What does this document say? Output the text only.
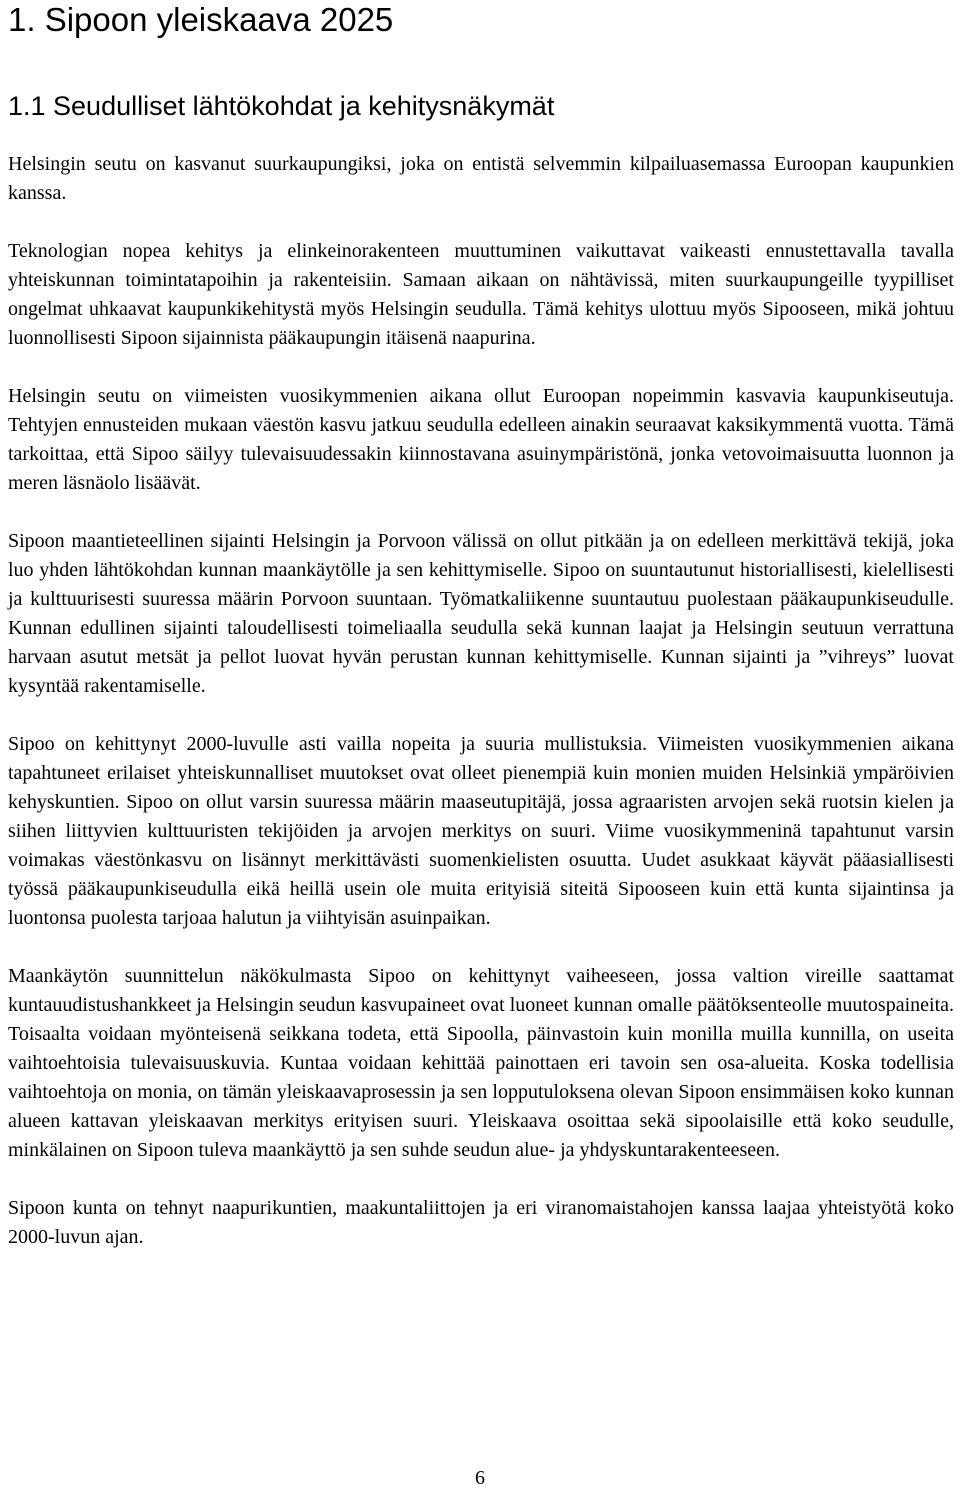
1. Sipoon yleiskaava 2025
1.1 Seudulliset lähtökohdat ja kehitysnäkymät

Helsingin seutu on kasvanut suurkaupungiksi, joka on entistä selvemmin kilpailuasemassa Euroopan kaupunkien kanssa.

Teknologian nopea kehitys ja elinkeinorakenteen muuttuminen vaikuttavat vaikeasti ennustettavalla tavalla yhteiskunnan toimintatapoihin ja rakenteisiin. Samaan aikaan on nähtävissä, miten suurkaupungeille tyypilliset ongelmat uhkaavat kaupunkikehitystä myös Helsingin seudulla. Tämä kehitys ulottuu myös Sipooseen, mikä johtuu luonnollisesti Sipoon sijainnista pääkaupungin itäisenä naapurina.

Helsingin seutu on viimeisten vuosikymmenien aikana ollut Euroopan nopeimmin kasvavia kaupunkiseutuja. Tehtyjen ennusteiden mukaan väestön kasvu jatkuu seudulla edelleen ainakin seuraavat kaksikymmentä vuotta. Tämä tarkoittaa, että Sipoo säilyy tulevaisuudessakin kiinnostavana asuinympäristönä, jonka vetovoimaisuutta luonnon ja meren läsnäolo lisäävät.

Sipoon maantieteellinen sijainti Helsingin ja Porvoon välissä on ollut pitkään ja on edelleen merkittävä tekijä, joka luo yhden lähtökohdan kunnan maankäytölle ja sen kehittymiselle. Sipoo on suuntautunut historiallisesti, kielellisesti ja kulttuurisesti suuressa määrin Porvoon suuntaan. Työmatkaliikenne suuntautuu puolestaan pääkaupunkiseudulle. Kunnan edullinen sijainti taloudellisesti toimeliaalla seudulla sekä kunnan laajat ja Helsingin seutuun verrattuna harvaan asutut metsät ja pellot luovat hyvän perustan kunnan kehittymiselle. Kunnan sijainti ja ”vihreys” luovat kysyntää rakentamiselle.

Sipoo on kehittynyt 2000-luvulle asti vailla nopeita ja suuria mullistuksia. Viimeisten vuosikymmenien aikana tapahtuneet erilaiset yhteiskunnalliset muutokset ovat olleet pienempiä kuin monien muiden Helsinkiä ympäröivien kehyskuntien. Sipoo on ollut varsin suuressa määrin maaseutupitäjä, jossa agraaristen arvojen sekä ruotsin kielen ja siihen liittyvien kulttuuristen tekijöiden ja arvojen merkitys on suuri. Viime vuosikymmeninä tapahtunut varsin voimakas väestönkasvu on lisännyt merkittävästi suomenkielisten osuutta. Uudet asukkaat käyvät pääasiallisesti työssä pääkaupunkiseudulla eikä heillä usein ole muita erityisiä siteitä Sipooseen kuin että kunta sijaintinsa ja luontonsa puolesta tarjoaa halutun ja viihtyisän asuinpaikan.

Maankäytön suunnittelun näkökulmasta Sipoo on kehittynyt vaiheeseen, jossa valtion vireille saattamat kuntauudistushankkeet ja Helsingin seudun kasvupaineet ovat luoneet kunnan omalle päätöksenteolle muutospaineita. Toisaalta voidaan myönteisenä seikkana todeta, että Sipoolla, päinvastoin kuin monilla muilla kunnilla, on useita vaihtoehtoisia tulevaisuuskuvia. Kuntaa voidaan kehittää painottaen eri tavoin sen osa-alueita. Koska todellisia vaihtoehtoja on monia, on tämän yleiskaavaprosessin ja sen lopputuloksena olevan Sipoon ensimmäisen koko kunnan alueen kattavan yleiskaavan merkitys erityisen suuri. Yleiskaava osoittaa sekä sipoolaisille että koko seudulle, minkälainen on Sipoon tuleva maankäyttö ja sen suhde seudun alue- ja yhdyskuntarakenteeseen.

Sipoon kunta on tehnyt naapurikuntien, maakuntaliittojen ja eri viranomaistahojen kanssa laajaa yhteistyötä koko 2000-luvun ajan.

6
